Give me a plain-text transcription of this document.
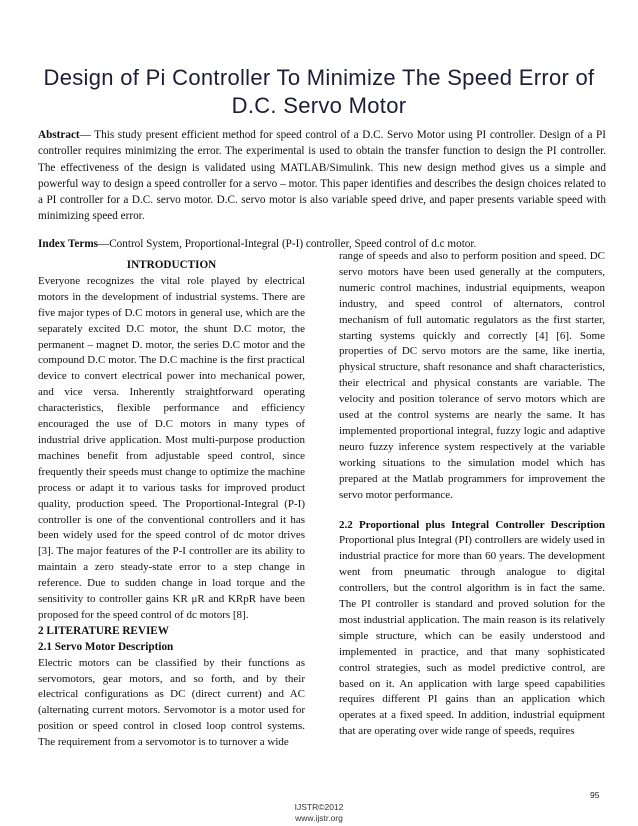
Design of Pi Controller To Minimize The Speed Error of D.C. Servo Motor

Abstract— This study present efficient method for speed control of a D.C. Servo Motor using PI controller. Design of a PI controller requires minimizing the error. The experimental is used to obtain the transfer function to design the PI controller. The effectiveness of the design is validated using MATLAB/Simulink. This new design method gives us a simple and powerful way to design a speed controller for a servo – motor. This paper identifies and describes the design choices related to a PI controller for a D.C. servo motor. D.C. servo motor is also variable speed drive, and paper presents variable speed with minimizing speed error.

Index Terms—Control System, Proportional-Integral (P-I) controller, Speed control of d.c motor.

INTRODUCTION

Everyone recognizes the vital role played by electrical motors in the development of industrial systems. There are five major types of D.C motors in general use, which are the separately excited D.C motor, the shunt D.C motor, the permanent – magnet D. motor, the series D.C motor and the compound D.C motor. The D.C machine is the first practical device to convert electrical power into mechanical power, and vice versa. Inherently straightforward operating characteristics, flexible performance and efficiency encouraged the use of D.C motors in many types of industrial drive application. Most multi-purpose production machines benefit from adjustable speed control, since frequently their speeds must change to optimize the machine process or adapt it to various tasks for improved product quality, production speed. The Proportional-Integral (P-I) controller is one of the conventional controllers and it has been widely used for the speed control of dc motor drives [3]. The major features of the P-I controller are its ability to maintain a zero steady-state error to a step change in reference. Due to sudden change in load torque and the sensitivity to controller gains KR μR and KRpR have been proposed for the speed control of dc motors [8].

2 LITERATURE REVIEW

2.1 Servo Motor Description

Electric motors can be classified by their functions as servomotors, gear motors, and so forth, and by their electrical configurations as DC (direct current) and AC (alternating current motors. Servomotor is a motor used for position or speed control in closed loop control systems. The requirement from a servomotor is to turnover a wide

range of speeds and also to perform position and speed. DC servo motors have been used generally at the computers, numeric control machines, industrial equipments, weapon industry, and speed control of alternators, control mechanism of full automatic regulators as the first starter, starting systems quickly and correctly [4] [6]. Some properties of DC servo motors are the same, like inertia, physical structure, shaft resonance and shaft characteristics, their electrical and physical constants are variable. The velocity and position tolerance of servo motors which are used at the control systems are nearly the same. It has implemented proportional integral, fuzzy logic and adaptive neuro fuzzy inference system respectively at the variable working situations to the simulation model which has prepared at the Matlab programmers for improvement the servo motor performance.

2.2 Proportional plus Integral Controller Description Proportional plus Integral (PI) controllers are widely used in industrial practice for more than 60 years. The development went from pneumatic through analogue to digital controllers, but the control algorithm is in fact the same. The PI controller is standard and proved solution for the most industrial application. The main reason is its relatively simple structure, which can be easily understood and implemented in practice, and that many sophisticated control strategies, such as model predictive control, are based on it. An application with large speed capabilities requires different PI gains than an application which operates at a fixed speed. In addition, industrial equipment that are operating over wide range of speeds, requires

95
IJSTR©2012
www.ijstr.org
